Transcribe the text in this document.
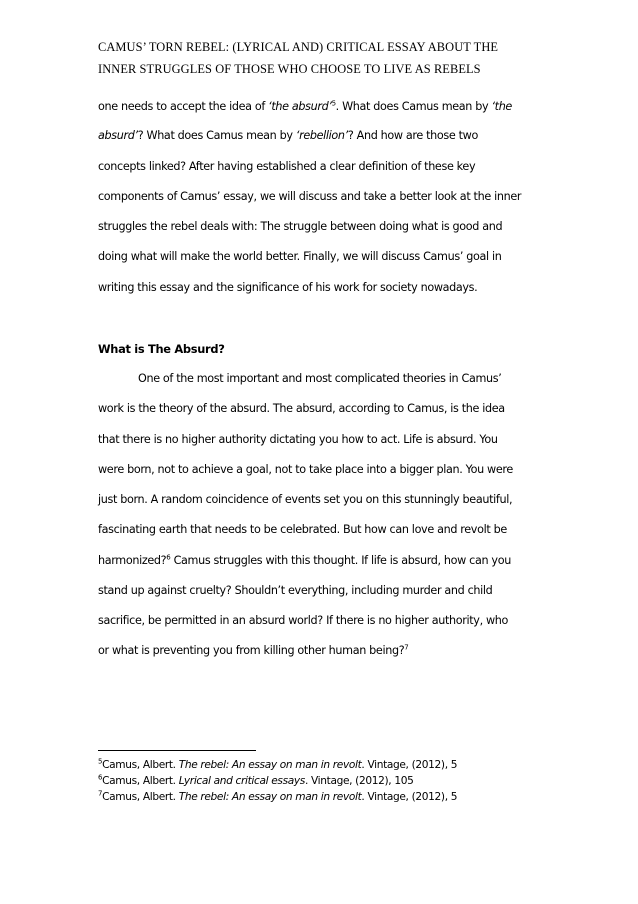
CAMUS’ TORN REBEL: (LYRICAL AND) CRITICAL ESSAY ABOUT THE
INNER STRUGGLES OF THOSE WHO CHOOSE TO LIVE AS REBELS
one needs to accept the idea of ‘the absurd’$^5$. What does Camus mean by ‘the
absurd’? What does Camus mean by ‘rebellion’? And how are those two
concepts linked? After having established a clear definition of these key
components of Camus’ essay, we will discuss and take a better look at the inner
struggles the rebel deals with: The struggle between doing what is good and
doing what will make the world better. Finally, we will discuss Camus’ goal in
writing this essay and the significance of his work for society nowadays.
What is The Absurd?
One of the most important and most complicated theories in Camus’
work is the theory of the absurd. The absurd, according to Camus, is the idea
that there is no higher authority dictating you how to act. Life is absurd. You
were born, not to achieve a goal, not to take place into a bigger plan. You were
just born. A random coincidence of events set you on this stunningly beautiful,
fascinating earth that needs to be celebrated. But how can love and revolt be
harmonized?$^6$ Camus struggles with this thought. If life is absurd, how can you
stand up against cruelty? Shouldn’t everything, including murder and child
sacrifice, be permitted in an absurd world? If there is no higher authority, who
or what is preventing you from killing other human being?$^7$
$^5$Camus, Albert. The rebel: An essay on man in revolt. Vintage, (2012), 5
$^6$Camus, Albert. Lyrical and critical essays. Vintage, (2012), 105
$^7$Camus, Albert. The rebel: An essay on man in revolt. Vintage, (2012), 5
